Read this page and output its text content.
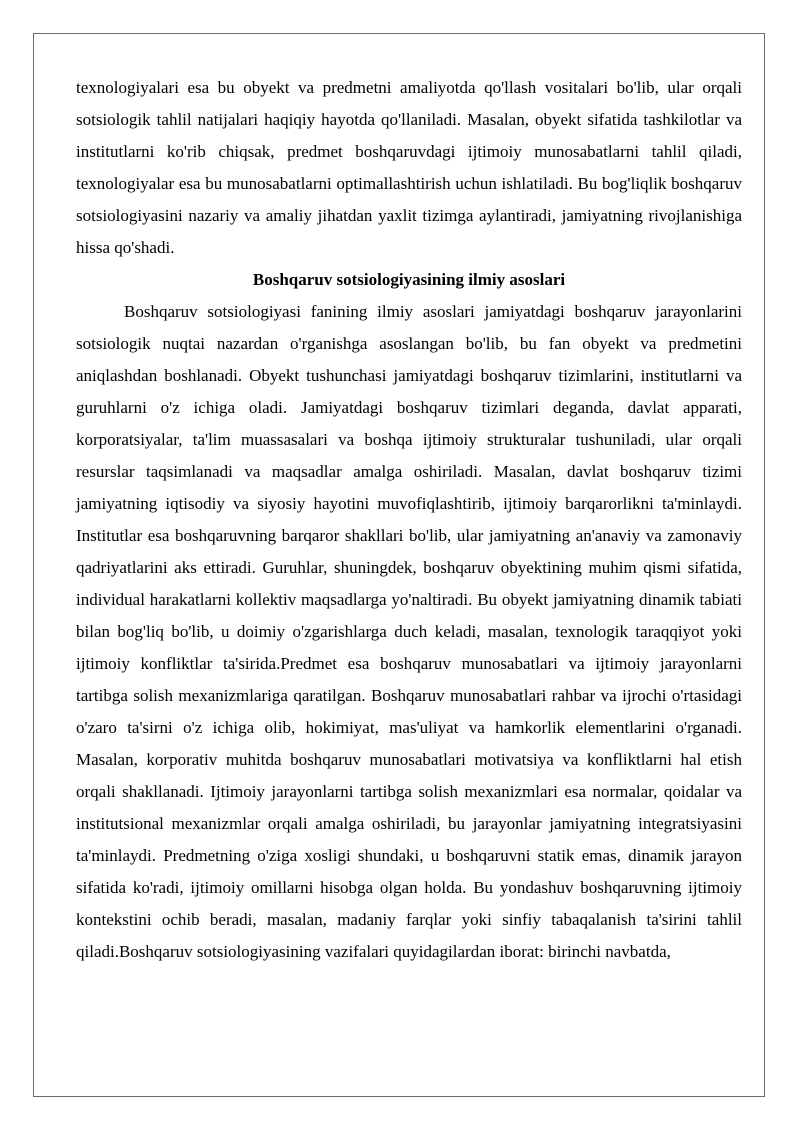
texnologiyalari esa bu obyekt va predmetni amaliyotda qo'llash vositalari bo'lib, ular orqali sotsiologik tahlil natijalari haqiqiy hayotda qo'llaniladi. Masalan, obyekt sifatida tashkilotlar va institutlarni ko'rib chiqsak, predmet boshqaruvdagi ijtimoiy munosabatlarni tahlil qiladi, texnologiyalar esa bu munosabatlarni optimallashtirish uchun ishlatiladi. Bu bog'liqlik boshqaruv sotsiologiyasini nazariy va amaliy jihatdan yaxlit tizimga aylantiradi, jamiyatning rivojlanishiga hissa qo'shadi.

Boshqaruv sotsiologiyasining ilmiy asoslari

Boshqaruv sotsiologiyasi fanining ilmiy asoslari jamiyatdagi boshqaruv jarayonlarini sotsiologik nuqtai nazardan o'rganishga asoslangan bo'lib, bu fan obyekt va predmetini aniqlashdan boshlanadi. Obyekt tushunchasi jamiyatdagi boshqaruv tizimlarini, institutlarni va guruhlarni o'z ichiga oladi. Jamiyatdagi boshqaruv tizimlari deganda, davlat apparati, korporatsiyalar, ta'lim muassasalari va boshqa ijtimoiy strukturalar tushuniladi, ular orqali resurslar taqsimlanadi va maqsadlar amalga oshiriladi. Masalan, davlat boshqaruv tizimi jamiyatning iqtisodiy va siyosiy hayotini muvofiqlashtirib, ijtimoiy barqarorlikni ta'minlaydi. Institutlar esa boshqaruvning barqaror shakllari bo'lib, ular jamiyatning an'anaviy va zamonaviy qadriyatlarini aks ettiradi. Guruhlar, shuningdek, boshqaruv obyektining muhim qismi sifatida, individual harakatlarni kollektiv maqsadlarga yo'naltiradi. Bu obyekt jamiyatning dinamik tabiati bilan bog'liq bo'lib, u doimiy o'zgarishlarga duch keladi, masalan, texnologik taraqqiyot yoki ijtimoiy konfliktlar ta'sirida.Predmet esa boshqaruv munosabatlari va ijtimoiy jarayonlarni tartibga solish mexanizmlariga qaratilgan. Boshqaruv munosabatlari rahbar va ijrochi o'rtasidagi o'zaro ta'sirni o'z ichiga olib, hokimiyat, mas'uliyat va hamkorlik elementlarini o'rganadi. Masalan, korporativ muhitda boshqaruv munosabatlari motivatsiya va konfliktlarni hal etish orqali shakllanadi. Ijtimoiy jarayonlarni tartibga solish mexanizmlari esa normalar, qoidalar va institutsional mexanizmlar orqali amalga oshiriladi, bu jarayonlar jamiyatning integratsiyasini ta'minlaydi. Predmetning o'ziga xosligi shundaki, u boshqaruvni statik emas, dinamik jarayon sifatida ko'radi, ijtimoiy omillarni hisobga olgan holda. Bu yondashuv boshqaruvning ijtimoiy kontekstini ochib beradi, masalan, madaniy farqlar yoki sinfiy tabaqalanish ta'sirini tahlil qiladi.Boshqaruv sotsiologiyasining vazifalari quyidagilardan iborat: birinchi navbatda,
